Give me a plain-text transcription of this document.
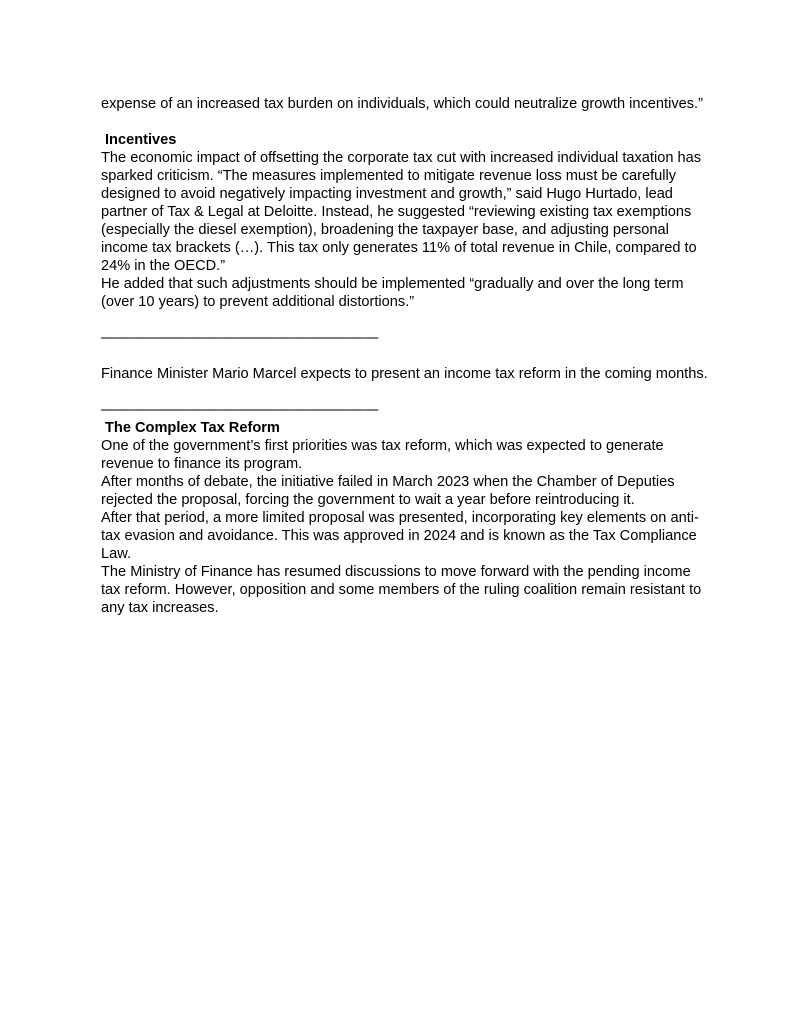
expense of an increased tax burden on individuals, which could neutralize growth incentives.”

Incentives

The economic impact of offsetting the corporate tax cut with increased individual taxation has sparked criticism. “The measures implemented to mitigate revenue loss must be carefully designed to avoid negatively impacting investment and growth,” said Hugo Hurtado, lead partner of Tax & Legal at Deloitte. Instead, he suggested “reviewing existing tax exemptions (especially the diesel exemption), broadening the taxpayer base, and adjusting personal income tax brackets (…). This tax only generates 11% of total revenue in Chile, compared to 24% in the OECD.”

He added that such adjustments should be implemented “gradually and over the long term (over 10 years) to prevent additional distortions.”

———————————————————

Finance Minister Mario Marcel expects to present an income tax reform in the coming months.

———————————————————

The Complex Tax Reform

One of the government’s first priorities was tax reform, which was expected to generate revenue to finance its program.

After months of debate, the initiative failed in March 2023 when the Chamber of Deputies rejected the proposal, forcing the government to wait a year before reintroducing it.

After that period, a more limited proposal was presented, incorporating key elements on anti-tax evasion and avoidance. This was approved in 2024 and is known as the Tax Compliance Law.

The Ministry of Finance has resumed discussions to move forward with the pending income tax reform. However, opposition and some members of the ruling coalition remain resistant to any tax increases.
